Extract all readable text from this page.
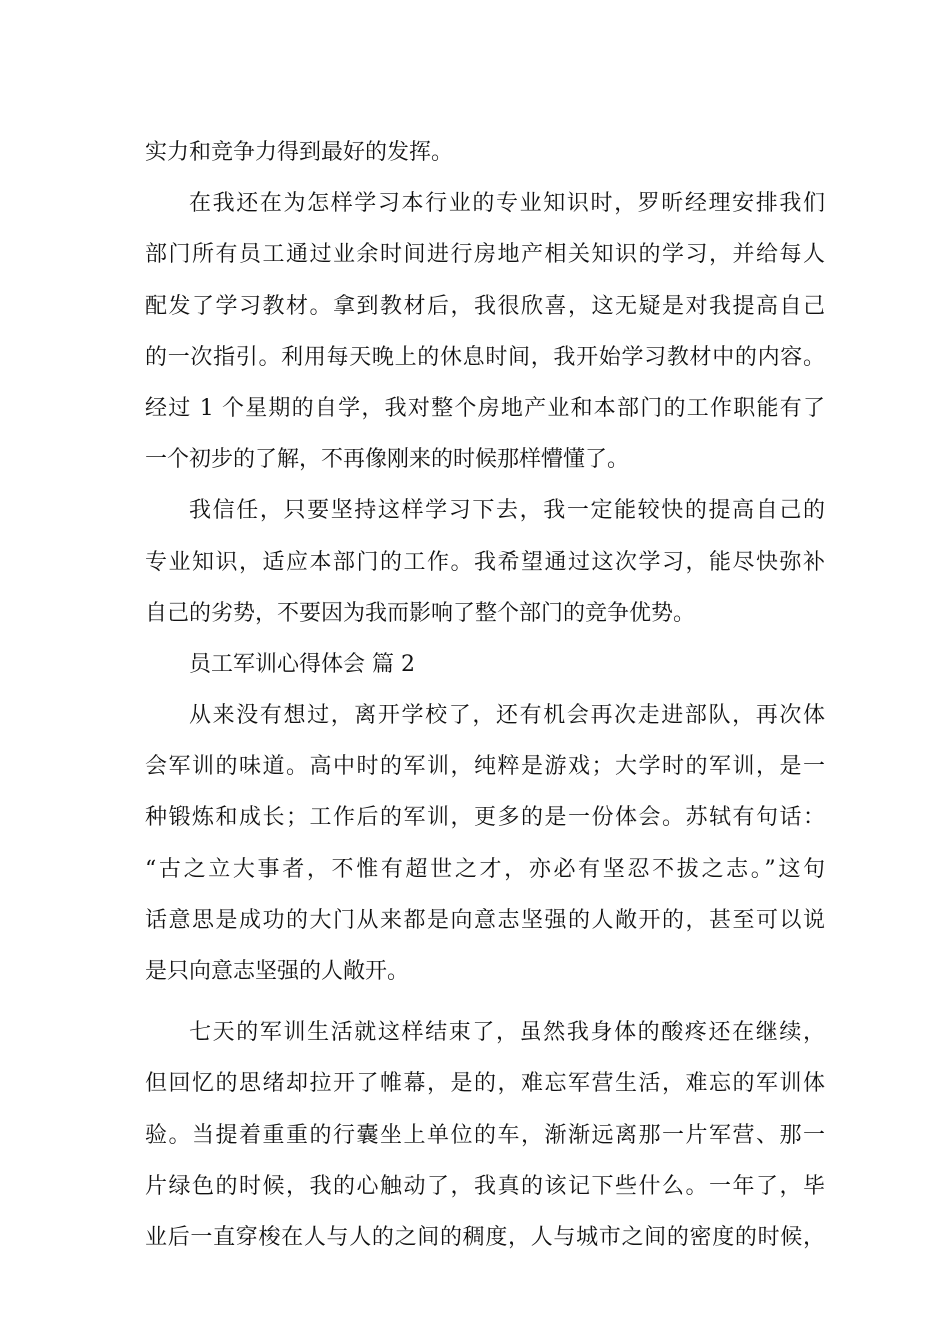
实力和竞争力得到最好的发挥。
在我还在为怎样学习本行业的专业知识时，罗昕经理安排我们
部门所有员工通过业余时间进行房地产相关知识的学习，并给每人
配发了学习教材。拿到教材后，我很欣喜，这无疑是对我提高自己
的一次指引。利用每天晚上的休息时间，我开始学习教材中的内容。
经过 1 个星期的自学，我对整个房地产业和本部门的工作职能有了
一个初步的了解，不再像刚来的时候那样懵懂了。
我信任，只要坚持这样学习下去，我一定能较快的提高自己的
专业知识，适应本部门的工作。我希望通过这次学习，能尽快弥补
自己的劣势，不要因为我而影响了整个部门的竞争优势。
员工军训心得体会 篇 2
从来没有想过，离开学校了，还有机会再次走进部队，再次体
会军训的味道。高中时的军训，纯粹是游戏；大学时的军训，是一
种锻炼和成长；工作后的军训，更多的是一份体会。苏轼有句话：
“古之立大事者，不惟有超世之才，亦必有坚忍不拔之志。”这句
话意思是成功的大门从来都是向意志坚强的人敞开的，甚至可以说
是只向意志坚强的人敞开。
七天的军训生活就这样结束了，虽然我身体的酸疼还在继续，
但回忆的思绪却拉开了帷幕，是的，难忘军营生活，难忘的军训体
验。当提着重重的行囊坐上单位的车，渐渐远离那一片军营、那一
片绿色的时候，我的心触动了，我真的该记下些什么。一年了，毕
业后一直穿梭在人与人的之间的稠度，人与城市之间的密度的时候，
